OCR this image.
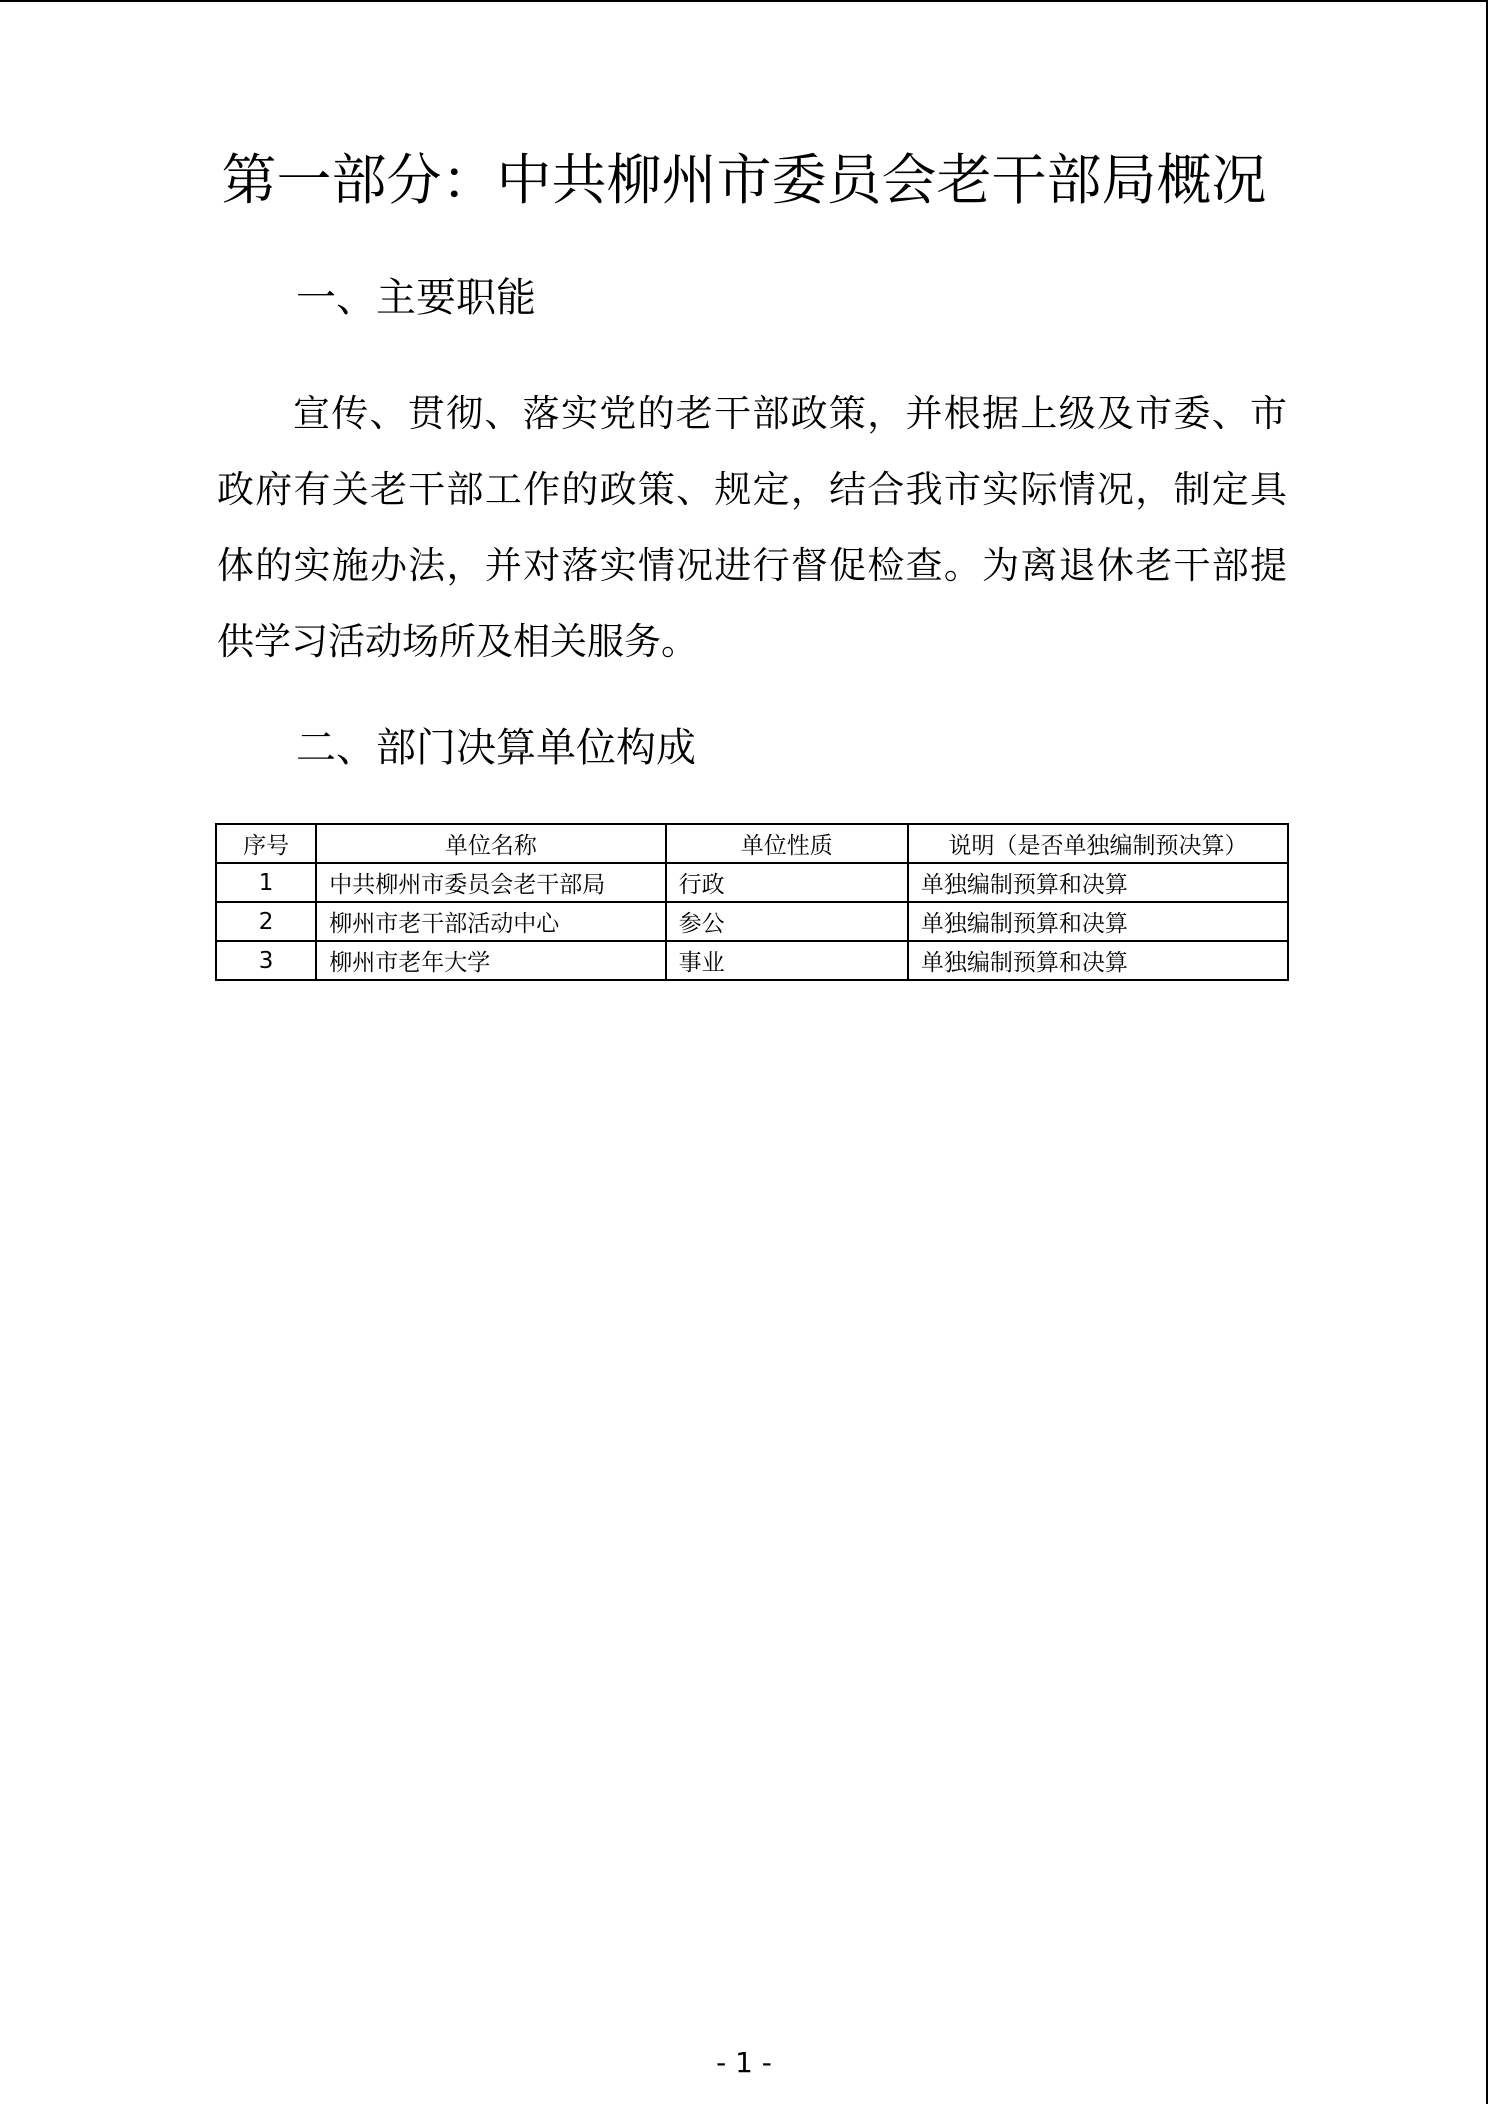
第一部分：中共柳州市委员会老干部局概况
一、主要职能

宣传、贯彻、落实党的老干部政策，并根据上级及市委、市政府有关老干部工作的政策、规定，结合我市实际情况，制定具体的实施办法，并对落实情况进行督促检查。为离退休老干部提供学习活动场所及相关服务。

二、部门决算单位构成
序号	单位名称	单位性质	说明（是否单独编制预决算）
1	中共柳州市委员会老干部局	行政	单独编制预算和决算
2	柳州市老干部活动中心	参公	单独编制预算和决算
3	柳州市老年大学	事业	单独编制预算和决算
- 1 -
